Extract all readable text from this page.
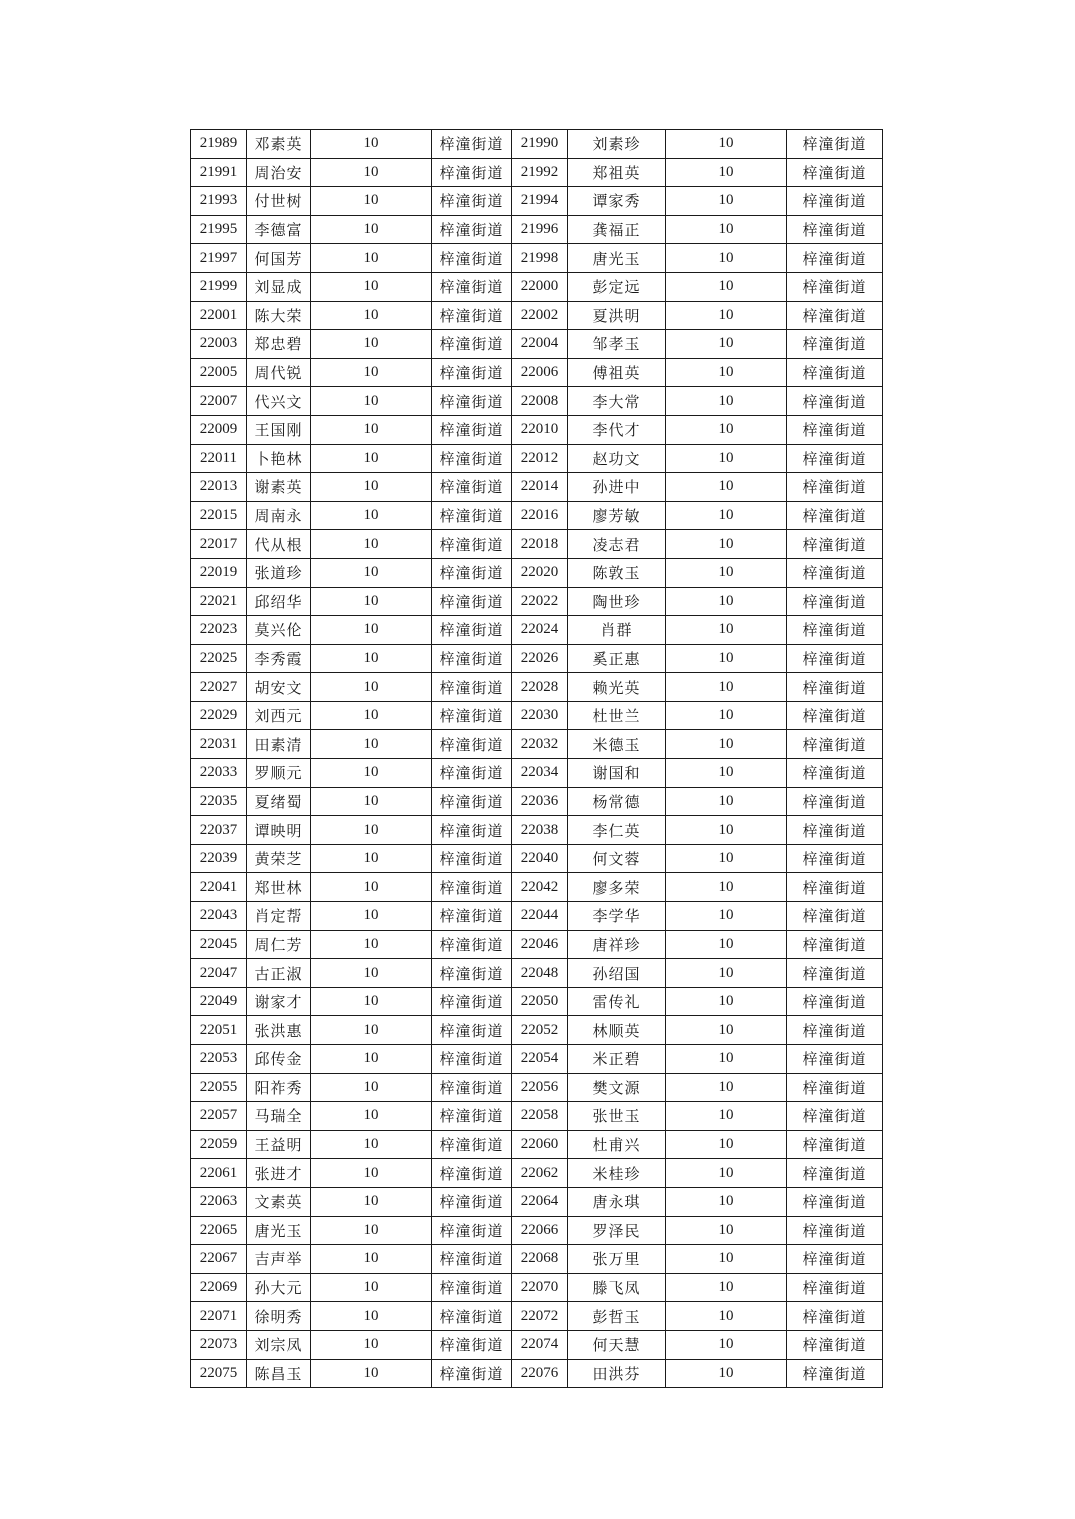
21989	邓素英	10	梓潼街道	21990	刘素珍	10	梓潼街道
21991	周治安	10	梓潼街道	21992	郑祖英	10	梓潼街道
21993	付世树	10	梓潼街道	21994	谭家秀	10	梓潼街道
21995	李德富	10	梓潼街道	21996	龚福正	10	梓潼街道
21997	何国芳	10	梓潼街道	21998	唐光玉	10	梓潼街道
21999	刘显成	10	梓潼街道	22000	彭定远	10	梓潼街道
22001	陈大荣	10	梓潼街道	22002	夏洪明	10	梓潼街道
22003	郑忠碧	10	梓潼街道	22004	邹孝玉	10	梓潼街道
22005	周代锐	10	梓潼街道	22006	傅祖英	10	梓潼街道
22007	代兴文	10	梓潼街道	22008	李大常	10	梓潼街道
22009	王国刚	10	梓潼街道	22010	李代才	10	梓潼街道
22011	卜艳林	10	梓潼街道	22012	赵功文	10	梓潼街道
22013	谢素英	10	梓潼街道	22014	孙进中	10	梓潼街道
22015	周南永	10	梓潼街道	22016	廖芳敏	10	梓潼街道
22017	代从根	10	梓潼街道	22018	凌志君	10	梓潼街道
22019	张道珍	10	梓潼街道	22020	陈敦玉	10	梓潼街道
22021	邱绍华	10	梓潼街道	22022	陶世珍	10	梓潼街道
22023	莫兴伦	10	梓潼街道	22024	肖群	10	梓潼街道
22025	李秀霞	10	梓潼街道	22026	奚正惠	10	梓潼街道
22027	胡安文	10	梓潼街道	22028	赖光英	10	梓潼街道
22029	刘西元	10	梓潼街道	22030	杜世兰	10	梓潼街道
22031	田素清	10	梓潼街道	22032	米德玉	10	梓潼街道
22033	罗顺元	10	梓潼街道	22034	谢国和	10	梓潼街道
22035	夏绪蜀	10	梓潼街道	22036	杨常德	10	梓潼街道
22037	谭映明	10	梓潼街道	22038	李仁英	10	梓潼街道
22039	黄荣芝	10	梓潼街道	22040	何文蓉	10	梓潼街道
22041	郑世林	10	梓潼街道	22042	廖多荣	10	梓潼街道
22043	肖定帮	10	梓潼街道	22044	李学华	10	梓潼街道
22045	周仁芳	10	梓潼街道	22046	唐祥珍	10	梓潼街道
22047	古正淑	10	梓潼街道	22048	孙绍国	10	梓潼街道
22049	谢家才	10	梓潼街道	22050	雷传礼	10	梓潼街道
22051	张洪惠	10	梓潼街道	22052	林顺英	10	梓潼街道
22053	邱传金	10	梓潼街道	22054	米正碧	10	梓潼街道
22055	阳祚秀	10	梓潼街道	22056	樊文源	10	梓潼街道
22057	马瑞全	10	梓潼街道	22058	张世玉	10	梓潼街道
22059	王益明	10	梓潼街道	22060	杜甫兴	10	梓潼街道
22061	张进才	10	梓潼街道	22062	米桂珍	10	梓潼街道
22063	文素英	10	梓潼街道	22064	唐永琪	10	梓潼街道
22065	唐光玉	10	梓潼街道	22066	罗泽民	10	梓潼街道
22067	吉声举	10	梓潼街道	22068	张万里	10	梓潼街道
22069	孙大元	10	梓潼街道	22070	滕飞凤	10	梓潼街道
22071	徐明秀	10	梓潼街道	22072	彭哲玉	10	梓潼街道
22073	刘宗凤	10	梓潼街道	22074	何天慧	10	梓潼街道
22075	陈昌玉	10	梓潼街道	22076	田洪芬	10	梓潼街道
